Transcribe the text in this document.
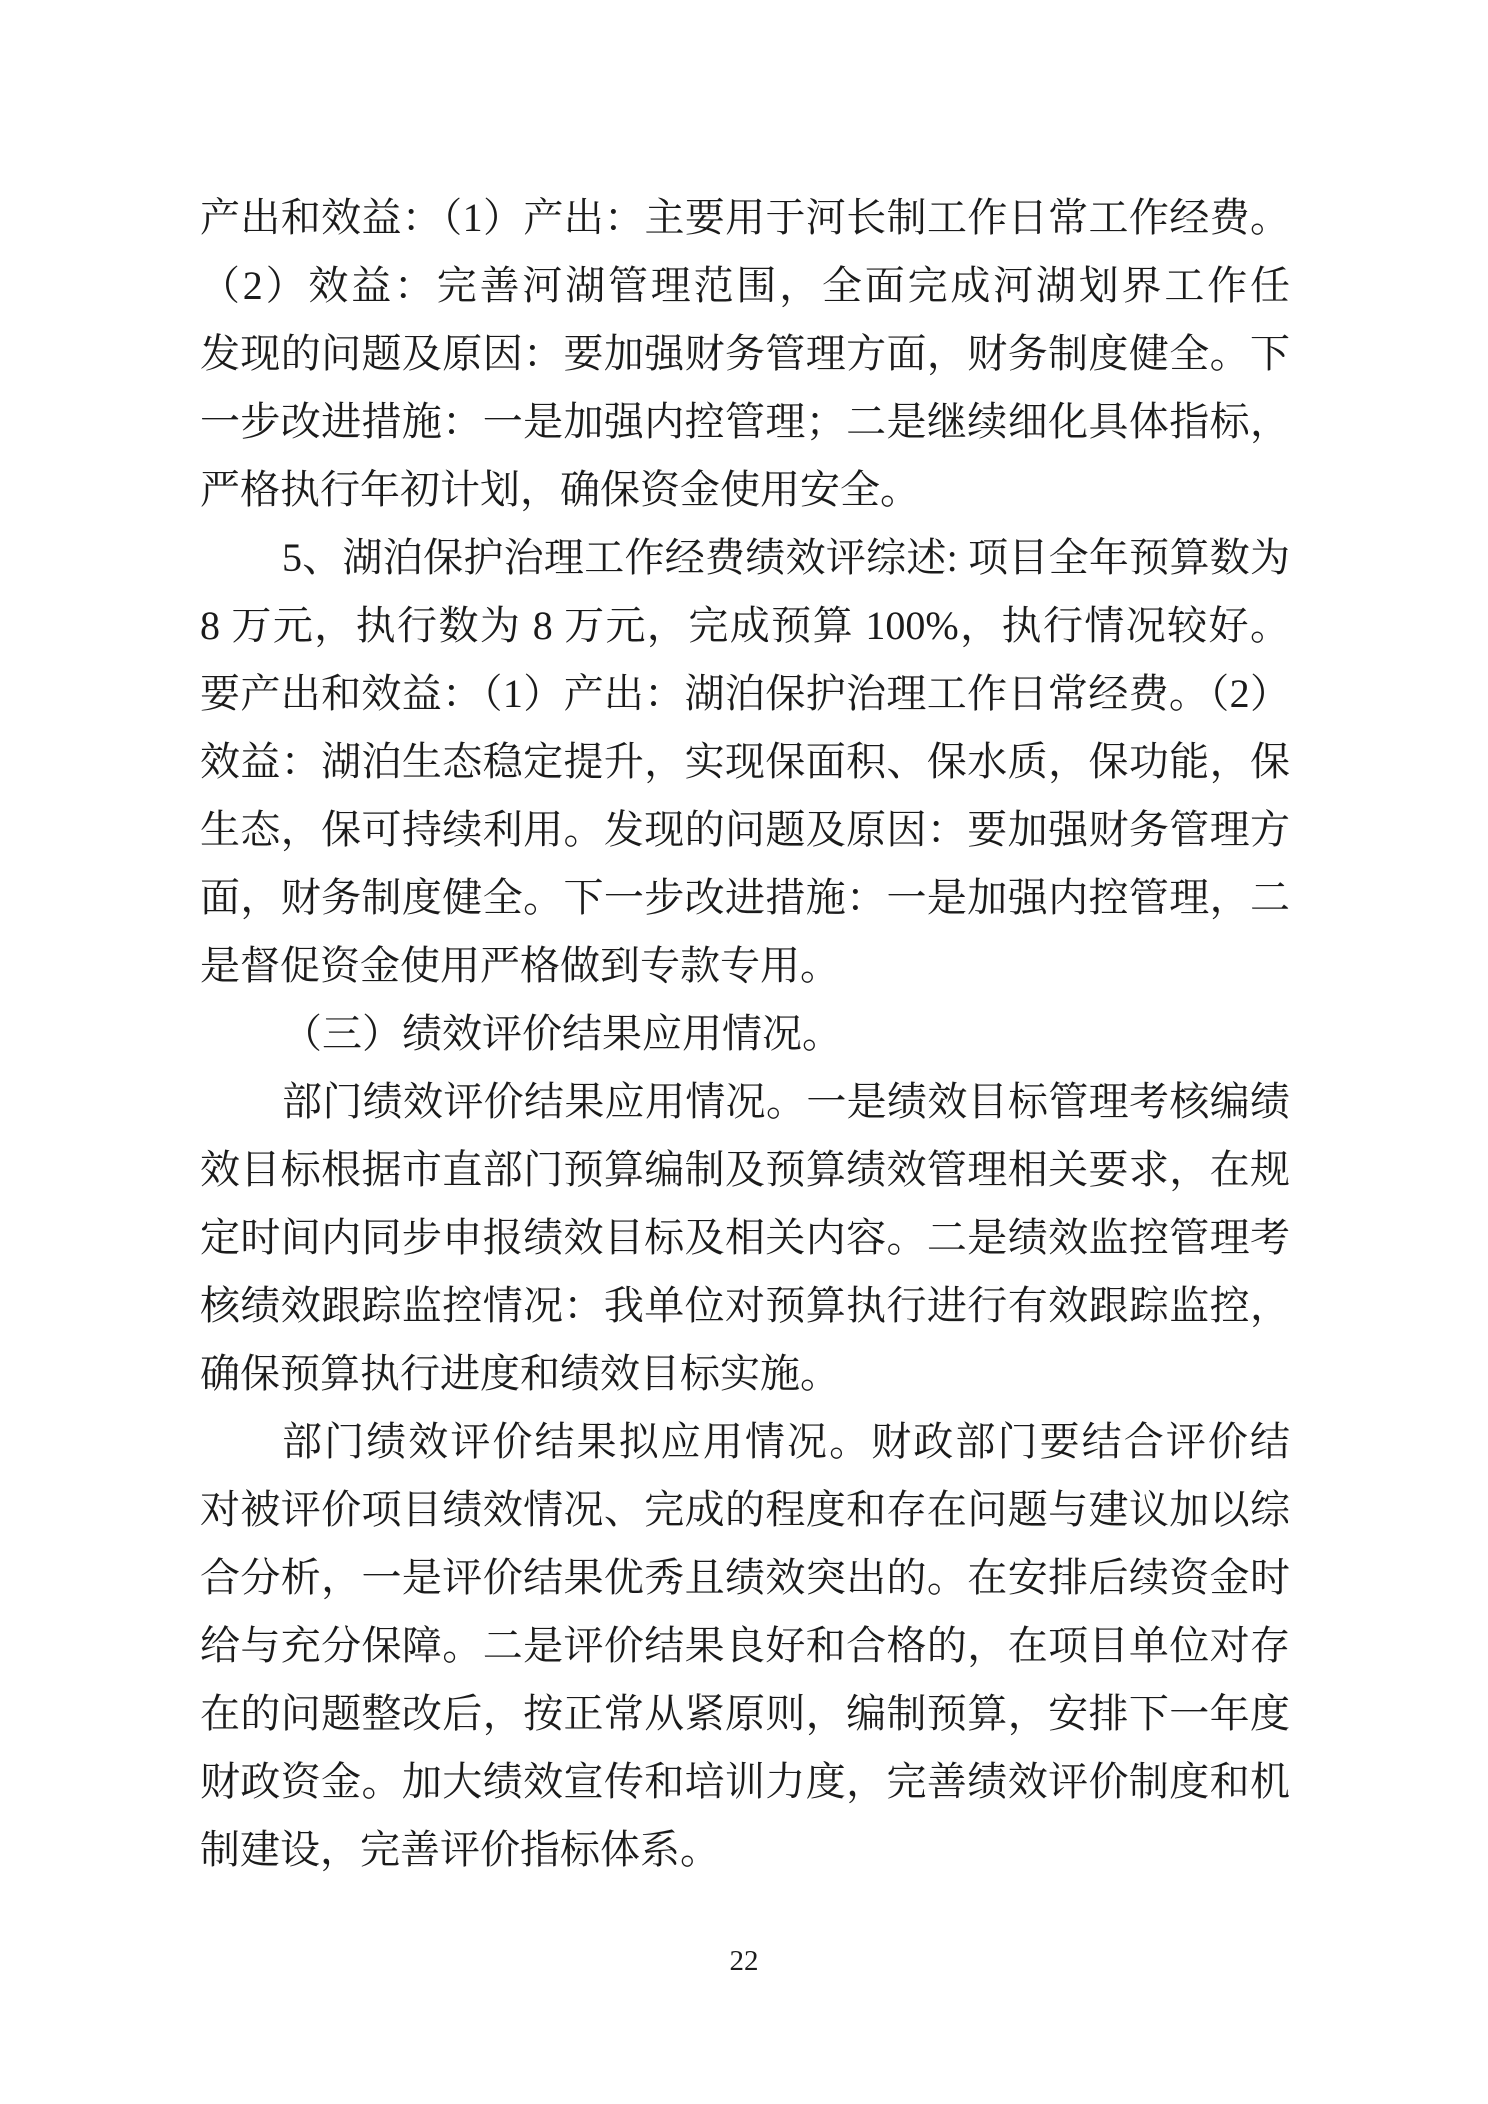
产出和效益：（1）产出：主要用于河长制工作日常工作经费。
（2）效益：完善河湖管理范围，全面完成河湖划界工作任
发现的问题及原因：要加强财务管理方面，财务制度健全。下
一步改进措施：一是加强内控管理；二是继续细化具体指标，
严格执行年初计划，确保资金使用安全。
5、湖泊保护治理工作经费绩效评综述: 项目全年预算数为
8 万元，执行数为 8 万元，完成预算 100%，执行情况较好。
要产出和效益：（1）产出：湖泊保护治理工作日常经费。（2）
效益：湖泊生态稳定提升，实现保面积、保水质，保功能，保
生态，保可持续利用。发现的问题及原因：要加强财务管理方
面，财务制度健全。下一步改进措施：一是加强内控管理，二
是督促资金使用严格做到专款专用。
（三）绩效评价结果应用情况。
部门绩效评价结果应用情况。一是绩效目标管理考核编绩
效目标根据市直部门预算编制及预算绩效管理相关要求，在规
定时间内同步申报绩效目标及相关内容。二是绩效监控管理考
核绩效跟踪监控情况：我单位对预算执行进行有效跟踪监控，
确保预算执行进度和绩效目标实施。
部门绩效评价结果拟应用情况。财政部门要结合评价结
对被评价项目绩效情况、完成的程度和存在问题与建议加以综
合分析，一是评价结果优秀且绩效突出的。在安排后续资金时
给与充分保障。二是评价结果良好和合格的，在项目单位对存
在的问题整改后，按正常从紧原则，编制预算，安排下一年度
财政资金。加大绩效宣传和培训力度，完善绩效评价制度和机
制建设，完善评价指标体系。
22
